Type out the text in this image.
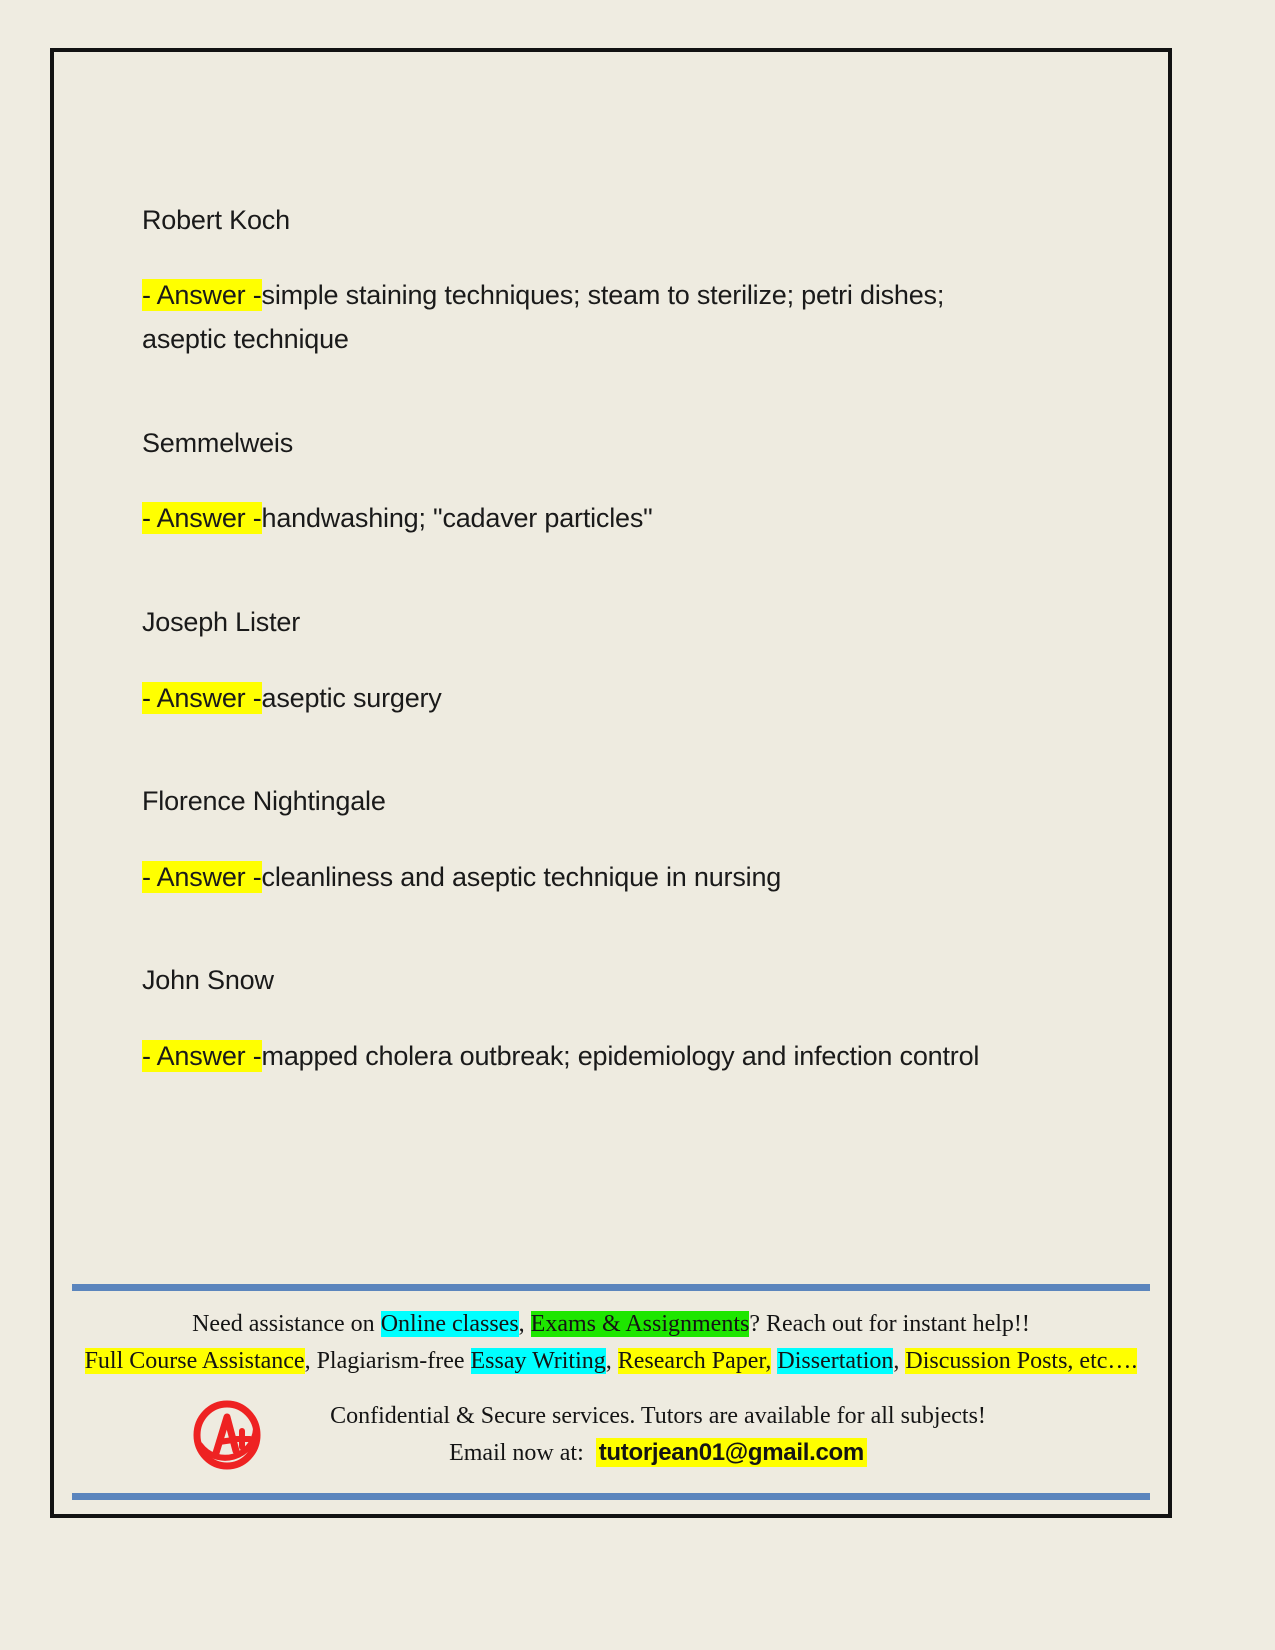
Robert Koch
- Answer -simple staining techniques; steam to sterilize; petri dishes; aseptic technique
Semmelweis
- Answer -handwashing; "cadaver particles"
Joseph Lister
- Answer -aseptic surgery
Florence Nightingale
- Answer -cleanliness and aseptic technique in nursing
John Snow
- Answer -mapped cholera outbreak; epidemiology and infection control
Need assistance on Online classes, Exams & Assignments? Reach out for instant help!!
Full Course Assistance, Plagiarism-free Essay Writing, Research Paper, Dissertation, Discussion Posts, etc….
Confidential & Secure services. Tutors are available for all subjects!
Email now at: tutorjean01@gmail.com
